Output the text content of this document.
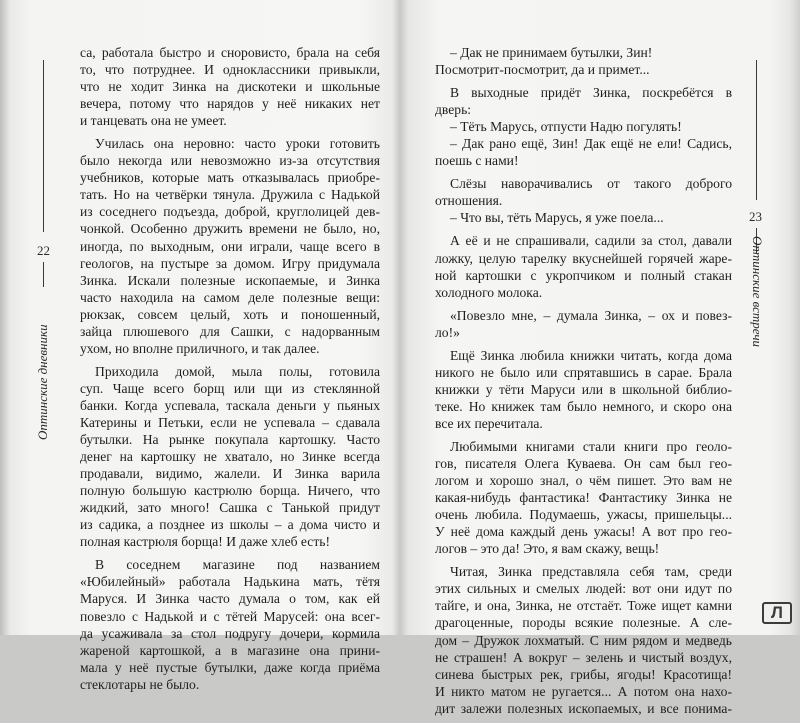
22
Оптинские дневники
са, работала быстро и сноровисто, брала на себя
то, что потруднее. И одноклассники привыкли,
что не ходит Зинка на дискотеки и школьные
вечера, потому что нарядов у неё никаких нет
и танцевать она не умеет.
Училась она неровно: часто уроки готовить
было некогда или невозможно из-за отсутствия
учебников, которые мать отказывалась приобре-
тать. Но на четвёрки тянула. Дружила с Надькой
из соседнего подъезда, доброй, круглолицей дев-
чонкой. Особенно дружить времени не было, но,
иногда, по выходным, они играли, чаще всего в
геологов, на пустыре за домом. Игру придумала
Зинка. Искали полезные ископаемые, и Зинка
часто находила на самом деле полезные вещи:
рюкзак, совсем целый, хоть и поношенный,
зайца плюшевого для Сашки, с надорванным
ухом, но вполне приличного, и так далее.
Приходила домой, мыла полы, готовила
суп. Чаще всего борщ или щи из стеклянной
банки. Когда успевала, таскала деньги у пьяных
Катерины и Петьки, если не успевала – сдавала
бутылки. На рынке покупала картошку. Часто
денег на картошку не хватало, но Зинке всегда
продавали, видимо, жалели. И Зинка варила
полную большую кастрюлю борща. Ничего, что
жидкий, зато много! Сашка с Танькой придут
из садика, а позднее из школы – а дома чисто и
полная кастрюля борща! И даже хлеб есть!
В соседнем магазине под названием
«Юбилейный» работала Надькина мать, тётя
Маруся. И Зинка часто думала о том, как ей
повезло с Надькой и с тётей Марусей: она всег-
да усаживала за стол подругу дочери, кормила
жареной картошкой, а в магазине она прини-
мала у неё пустые бутылки, даже когда приёма
стеклотары не было.
– Дак не принимаем бутылки, Зин!
Посмотрит-посмотрит, да и примет...
В выходные придёт Зинка, поскребётся в
дверь:
– Тёть Марусь, отпусти Надю погулять!
– Дак рано ещё, Зин! Дак ещё не ели! Садись,
поешь с нами!
Слёзы наворачивались от такого доброго
отношения.
– Что вы, тёть Марусь, я уже поела...
А её и не спрашивали, садили за стол, давали
ложку, целую тарелку вкуснейшей горячей жаре-
ной картошки с укропчиком и полный стакан
холодного молока.
«Повезло мне, – думала Зинка, – ох и повез-
ло!»
Ещё Зинка любила книжки читать, когда дома
никого не было или спрятавшись в сарае. Брала
книжки у тёти Маруси или в школьной библио-
теке. Но книжек там было немного, и скоро она
все их перечитала.
Любимыми книгами стали книги про геоло-
гов, писателя Олега Куваева. Он сам был гео-
логом и хорошо знал, о чём пишет. Это вам не
какая-нибудь фантастика! Фантастику Зинка не
очень любила. Подумаешь, ужасы, пришельцы...
У неё дома каждый день ужасы! А вот про гео-
логов – это да! Это, я вам скажу, вещь!
Читая, Зинка представляла себя там, среди
этих сильных и смелых людей: вот они идут по
тайге, и она, Зинка, не отстаёт. Тоже ищет камни
драгоценные, породы всякие полезные. А сле-
дом – Дружок лохматый. С ним рядом и медведь
не страшен! А вокруг – зелень и чистый воздух,
синева быстрых рек, грибы, ягоды! Красотища!
И никто матом не ругается... А потом она нахо-
дит залежи полезных ископаемых, и все понима-
23
Оптинские встречи
Л
